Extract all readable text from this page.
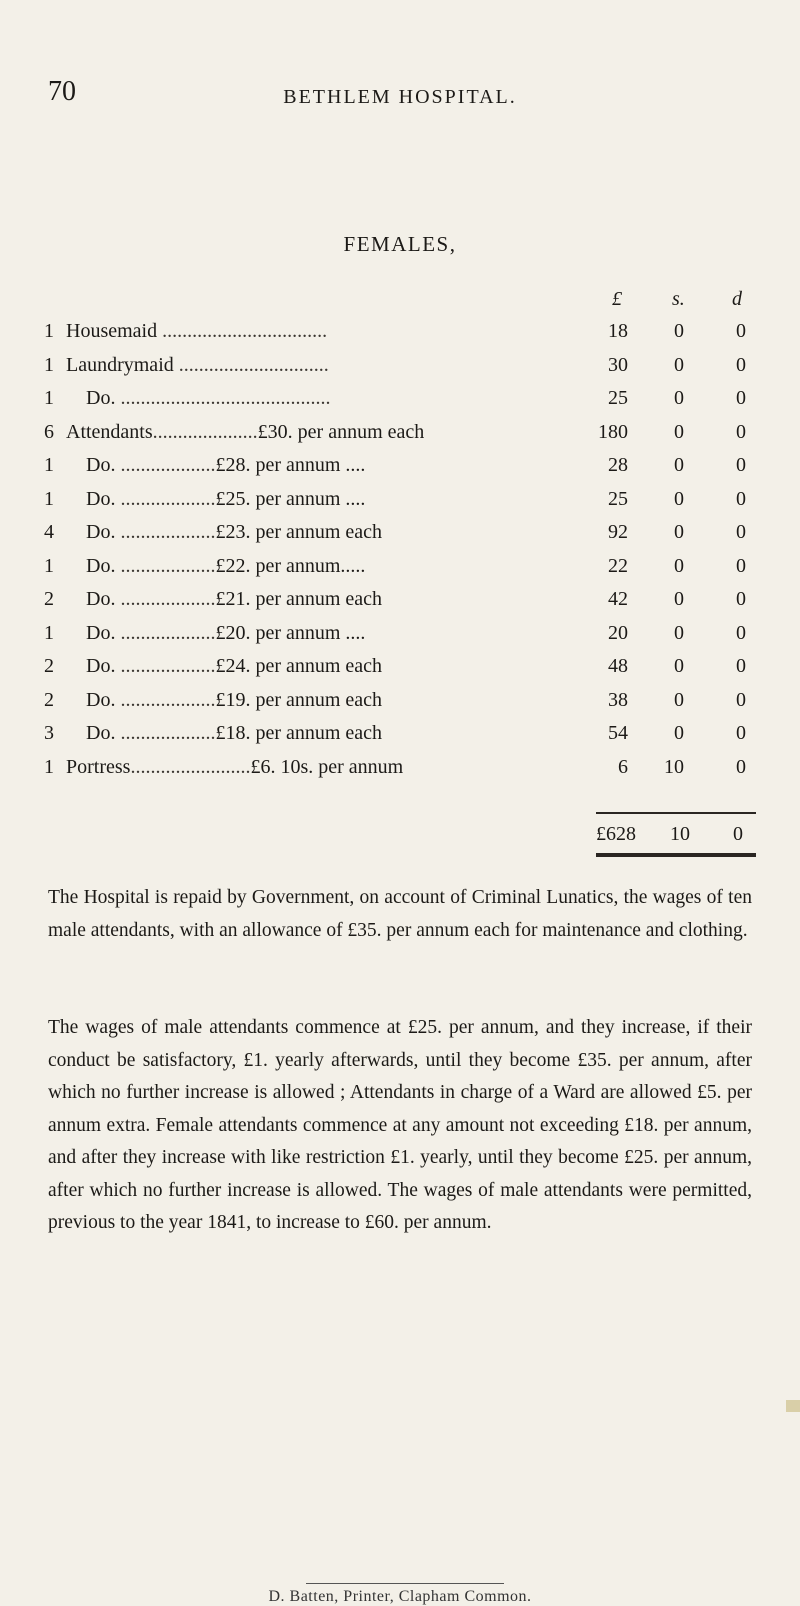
70	BETHLEM HOSPITAL.
FEMALES,
£	s. d
1 Housemaid .................................	18 0	0
1 Laundrymaid ..............................	30 0	0
1 Do. ..........................................	25 0	0
6 Attendants.....................£30. per annum each	180 0	0
1 Do. ...................£28. per annum ....	28 0	0
1 Do. ...................£25. per annum ....	25 0	0
4 Do. ...................£23. per annum each	92 0	0
1 Do. ...................£22. per annum.....	22 0	0
2 Do. ...................£21. per annum each	42 0	0
1 Do. ...................£20. per annum ....	20 0	0
2 Do. ...................£24. per annum each	48 0	0
2 Do. ...................£19. per annum each	38 0	0
3 Do. ...................£18. per annum each	54 0	0
1 Portress........................£6. 10s. per annum	6 10	0
£628 10 0

The Hospital is repaid by Government, on account of Criminal Lunatics, the wages of ten male attendants, with an allowance of £35. per annum each for maintenance and clothing.

The wages of male attendants commence at £25. per annum, and they increase, if their conduct be satisfactory, £1. yearly afterwards, until they become £35. per annum, after which no further increase is allowed ; Attendants in charge of a Ward are allowed £5. per annum extra. Female attendants commence at any amount not exceeding £18. per annum, and after they increase with like restriction £1. yearly, until they become £25. per annum, after which no further increase is allowed. The wages of male attendants were permitted, previous to the year 1841, to increase to £60. per annum.

D. Batten, Printer, Clapham Common.
